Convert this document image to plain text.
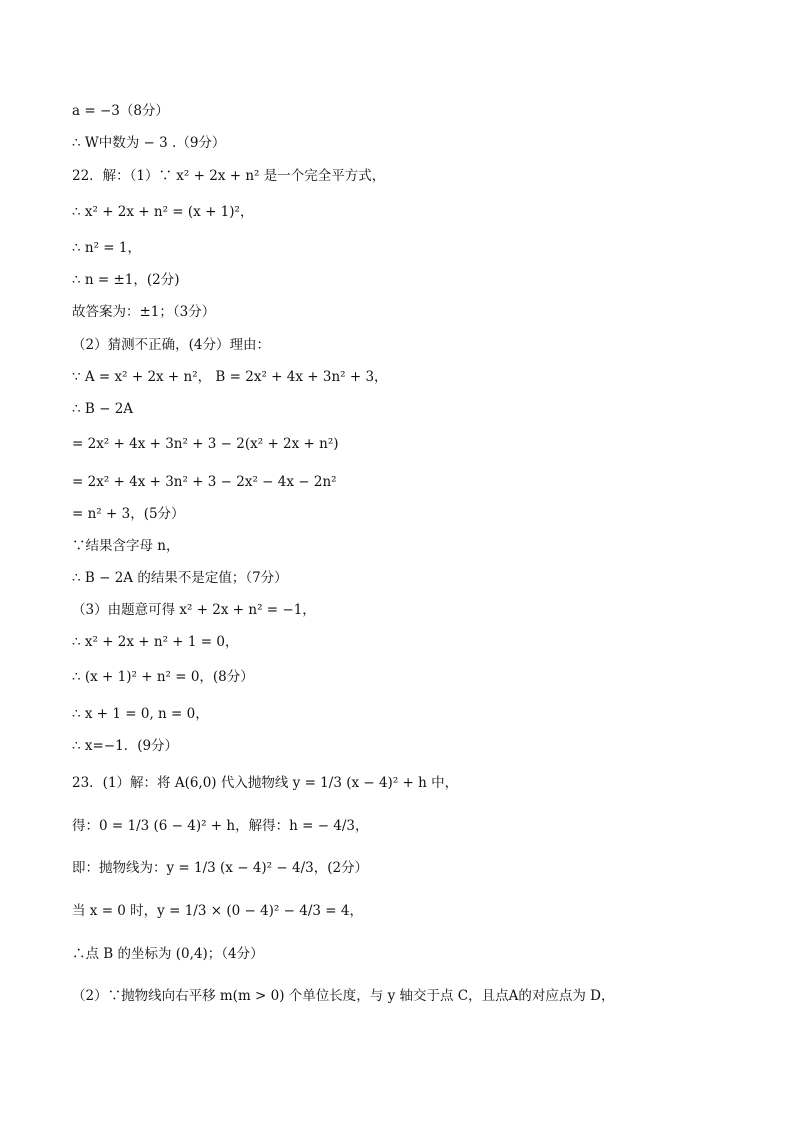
a = −3（8分）
∴ W中数为 − 3 .（9分）
22．解：（1）∵ x² + 2x + n² 是一个完全平方式，
∴ x² + 2x + n² = (x + 1)²，
∴ n² = 1，
∴ n = ±1，(2分)
故答案为：±1；（3分）
（2）猜测不正确，(4分）理由：
∵ A = x² + 2x + n²， B = 2x² + 4x + 3n² + 3，
∴ B − 2A
= 2x² + 4x + 3n² + 3 − 2(x² + 2x + n²)
= 2x² + 4x + 3n² + 3 − 2x² − 4x − 2n²
= n² + 3，(5分）
∵结果含字母 n，
∴ B − 2A 的结果不是定值；（7分）
（3）由题意可得 x² + 2x + n² = −1，
∴ x² + 2x + n² + 1 = 0，
∴ (x + 1)² + n² = 0，(8分）
∴ x + 1 = 0, n = 0，
∴ x=−1．(9分）
23．(1）解：将 A(6,0) 代入抛物线 y = 1/3 (x − 4)² + h 中，
得：0 = 1/3 (6 − 4)² + h，解得：h = − 4/3，
即：抛物线为：y = 1/3 (x − 4)² − 4/3，(2分）
当 x = 0 时，y = 1/3 × (0 − 4)² − 4/3 = 4，
∴点 B 的坐标为 (0,4)；（4分）
（2）∵抛物线向右平移 m(m > 0) 个单位长度，与 y 轴交于点 C，且点A的对应点为 D，
